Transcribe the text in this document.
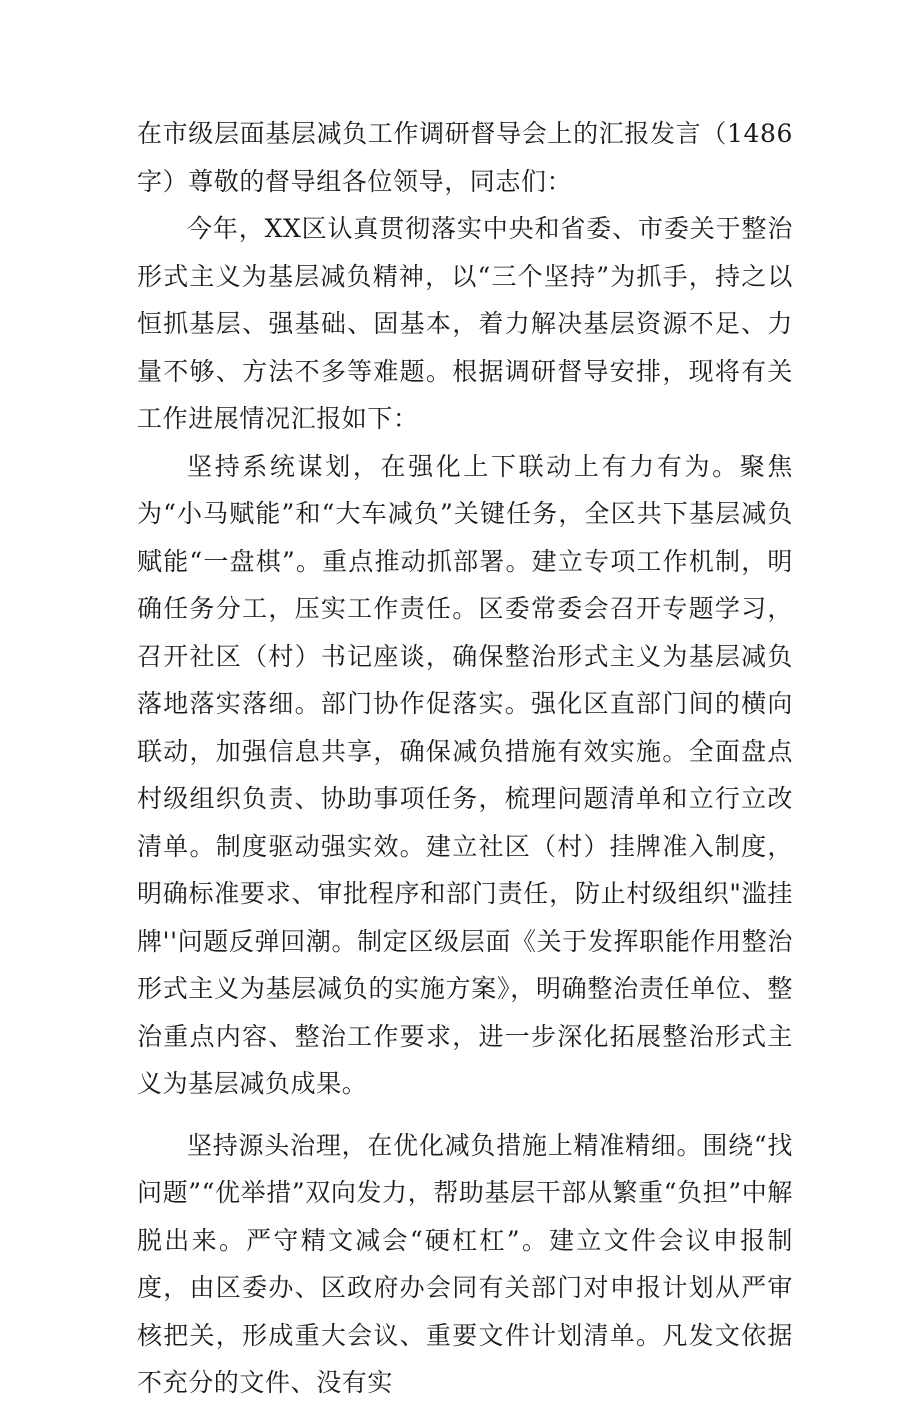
在市级层面基层减负工作调研督导会上的汇报发言（1486字）尊敬的督导组各位领导，同志们：

今年，XX区认真贯彻落实中央和省委、市委关于整治形式主义为基层减负精神，以“三个坚持”为抓手，持之以恒抓基层、强基础、固基本，着力解决基层资源不足、力量不够、方法不多等难题。根据调研督导安排，现将有关工作进展情况汇报如下：

坚持系统谋划，在强化上下联动上有力有为。聚焦为“小马赋能”和“大车减负”关键任务，全区共下基层减负赋能“一盘棋”。重点推动抓部署。建立专项工作机制，明确任务分工，压实工作责任。区委常委会召开专题学习，召开社区（村）书记座谈，确保整治形式主义为基层减负落地落实落细。部门协作促落实。强化区直部门间的横向联动，加强信息共享，确保减负措施有效实施。全面盘点村级组织负责、协助事项任务，梳理问题清单和立行立改清单。制度驱动强实效。建立社区（村）挂牌准入制度，明确标准要求、审批程序和部门责任，防止村级组织"滥挂牌''问题反弹回潮。制定区级层面《关于发挥职能作用整治形式主义为基层减负的实施方案》，明确整治责任单位、整治重点内容、整治工作要求，进一步深化拓展整治形式主义为基层减负成果。

坚持源头治理，在优化减负措施上精准精细。围绕“找问题”“优举措”双向发力，帮助基层干部从繁重“负担”中解脱出来。严守精文减会“硬杠杠”。建立文件会议申报制度，由区委办、区政府办会同有关部门对申报计划从严审核把关，形成重大会议、重要文件计划清单。凡发文依据不充分的文件、没有实
